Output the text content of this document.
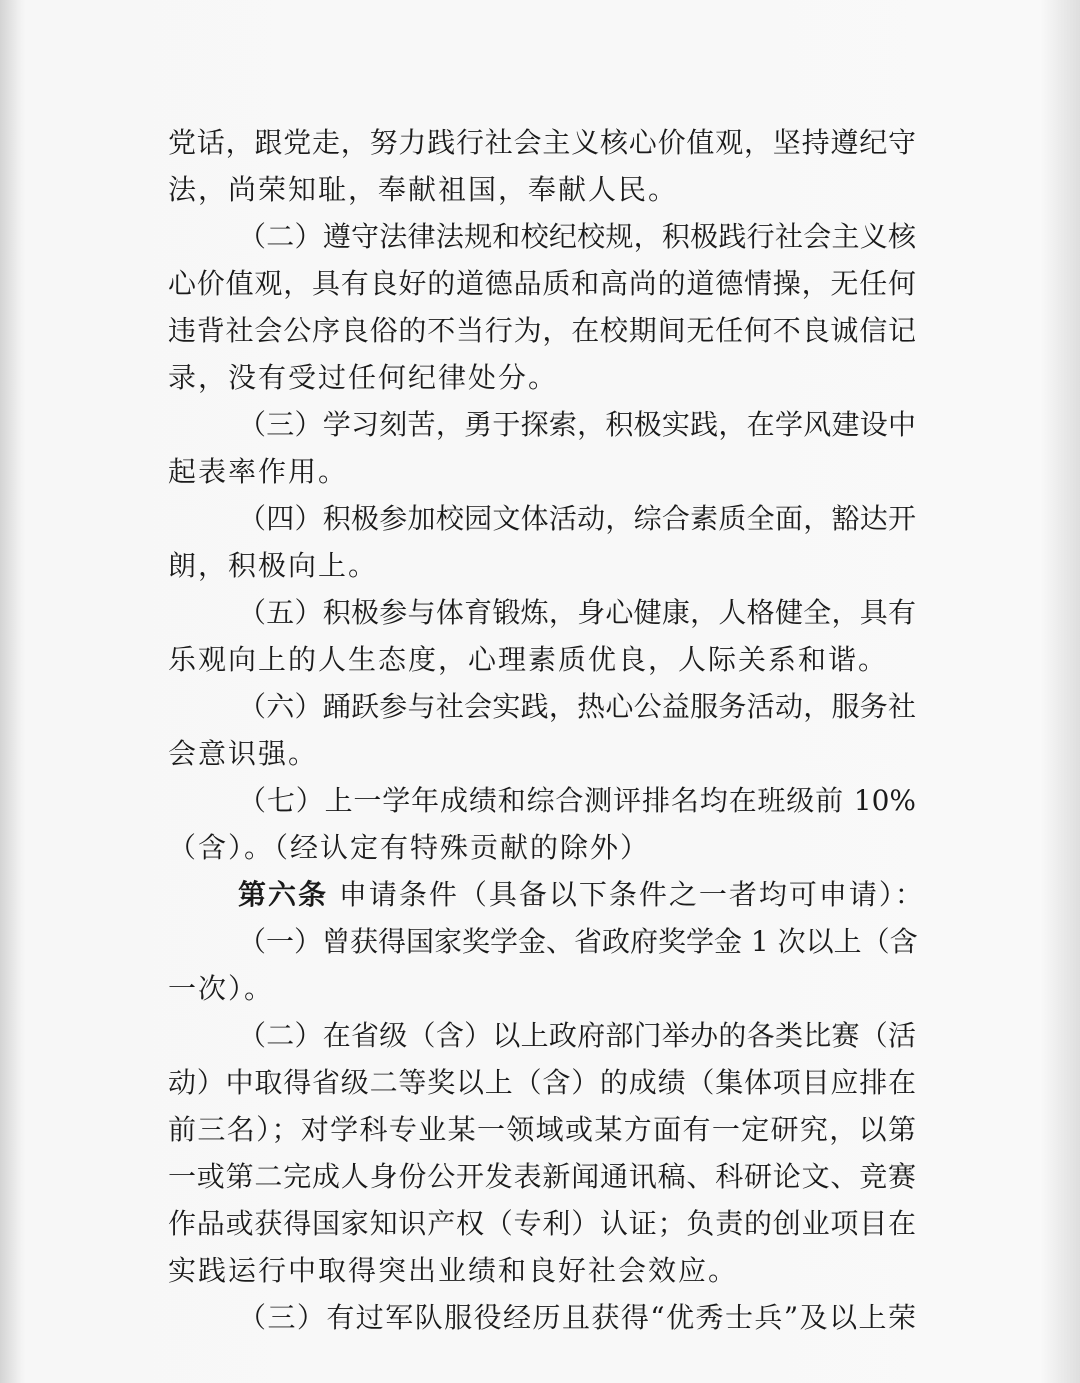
党话，跟党走，努力践行社会主义核心价值观，坚持遵纪守
法，尚荣知耻，奉献祖国，奉献人民。
（二）遵守法律法规和校纪校规，积极践行社会主义核
心价值观，具有良好的道德品质和高尚的道德情操，无任何
违背社会公序良俗的不当行为，在校期间无任何不良诚信记
录，没有受过任何纪律处分。
（三）学习刻苦，勇于探索，积极实践，在学风建设中
起表率作用。
（四）积极参加校园文体活动，综合素质全面，豁达开
朗，积极向上。
（五）积极参与体育锻炼，身心健康，人格健全，具有
乐观向上的人生态度，心理素质优良，人际关系和谐。
（六）踊跃参与社会实践，热心公益服务活动，服务社
会意识强。
（七）上一学年成绩和综合测评排名均在班级前 10%
（含）。（经认定有特殊贡献的除外）
第六条 申请条件（具备以下条件之一者均可申请）：
（一）曾获得国家奖学金、省政府奖学金 1 次以上（含
一次）。
（二）在省级（含）以上政府部门举办的各类比赛（活
动）中取得省级二等奖以上（含）的成绩（集体项目应排在
前三名）；对学科专业某一领域或某方面有一定研究，以第
一或第二完成人身份公开发表新闻通讯稿、科研论文、竞赛
作品或获得国家知识产权（专利）认证；负责的创业项目在
实践运行中取得突出业绩和良好社会效应。
（三）有过军队服役经历且获得“优秀士兵”及以上荣
